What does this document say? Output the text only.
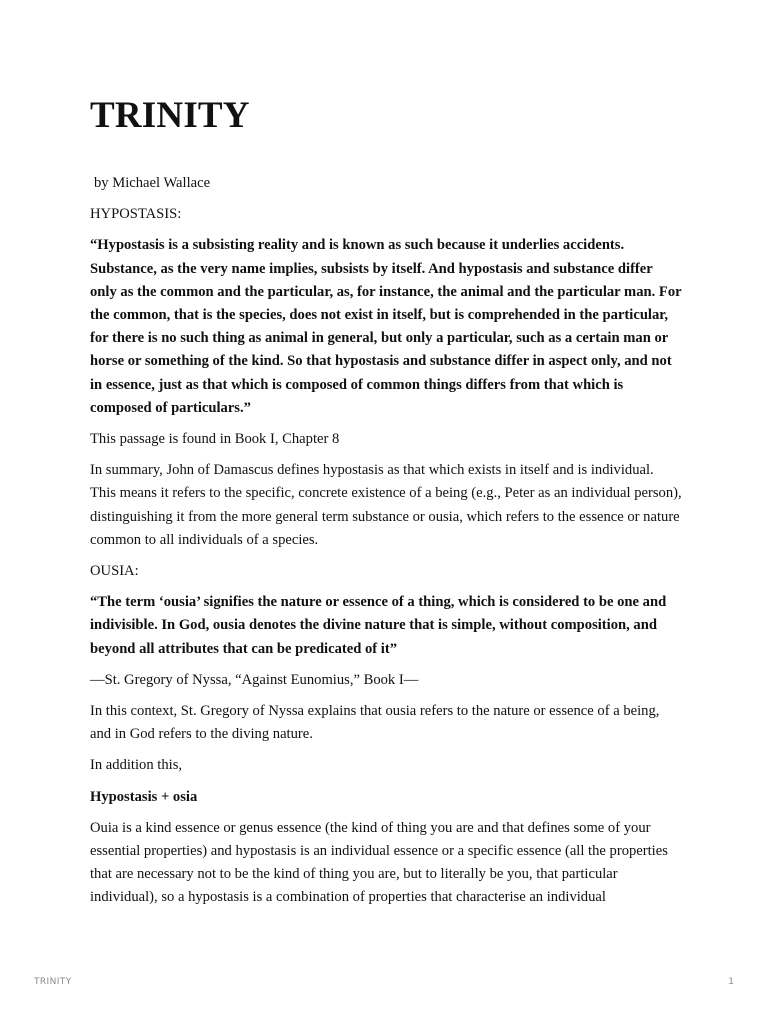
TRINITY

by Michael Wallace

HYPOSTASIS:

“Hypostasis is a subsisting reality and is known as such because it underlies accidents. Substance, as the very name implies, subsists by itself. And hypostasis and substance differ only as the common and the particular, as, for instance, the animal and the particular man. For the common, that is the species, does not exist in itself, but is comprehended in the particular, for there is no such thing as animal in general, but only a particular, such as a certain man or horse or something of the kind. So that hypostasis and substance differ in aspect only, and not in essence, just as that which is composed of common things differs from that which is composed of particulars.”

This passage is found in Book I, Chapter 8

In summary, John of Damascus defines hypostasis as that which exists in itself and is individual. This means it refers to the specific, concrete existence of a being (e.g., Peter as an individual person), distinguishing it from the more general term substance or ousia, which refers to the essence or nature common to all individuals of a species.

OUSIA:

“The term ‘ousia’ signifies the nature or essence of a thing, which is considered to be one and indivisible. In God, ousia denotes the divine nature that is simple, without composition, and beyond all attributes that can be predicated of it”

—St. Gregory of Nyssa, “Against Eunomius,” Book I—

In this context, St. Gregory of Nyssa explains that ousia refers to the nature or essence of a being, and in God refers to the diving nature.

In addition this,

Hypostasis + osia

Ouia is a kind essence or genus essence (the kind of thing you are and that defines some of your essential properties) and hypostasis is an individual essence or a specific essence (all the properties that are necessary not to be the kind of thing you are, but to literally be you, that particular individual), so a hypostasis is a combination of properties that characterise an individual

TRINITY	1
